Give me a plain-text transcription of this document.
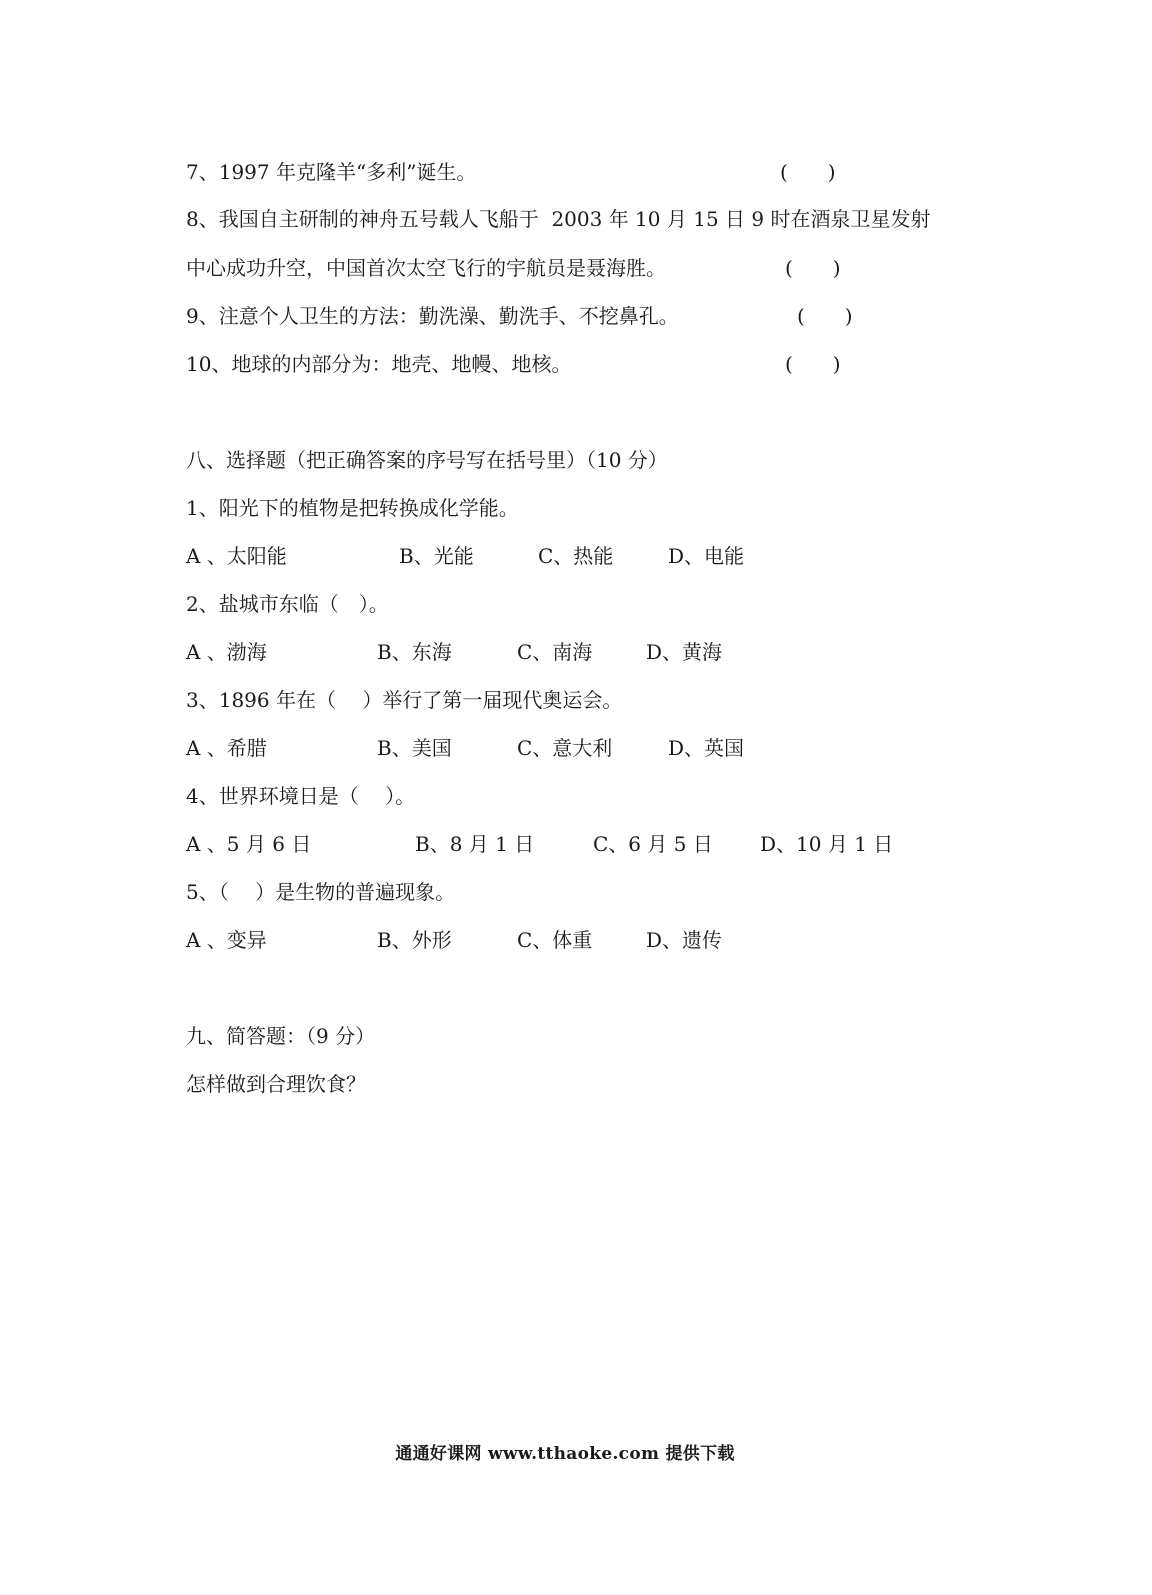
7、1997 年克隆羊“多利”诞生。	(　　)

8、我国自主研制的神舟五号载人飞船于  2003 年 10 月 15 日 9 时在酒泉卫星发射

中心成功升空，中国首次太空飞行的宇航员是聂海胜。	(　　)

9、注意个人卫生的方法：勤洗澡、勤洗手、不挖鼻孔。	(　　)

10、地球的内部分为：地壳、地幔、地核。	(　　)
八、选择题（把正确答案的序号写在括号里）（10 分）

1、阳光下的植物是把转换成化学能。

A 、太阳能	B、光能	C、热能	D、电能

2、盐城市东临（　）。

A 、渤海	B、东海	C、南海	D、黄海

3、1896 年在（　 ）举行了第一届现代奥运会。

A 、希腊	B、美国	C、意大利	D、英国

4、世界环境日是（　 ）。

A 、5 月 6 日	B、8 月 1 日	C、6 月 5 日 D、10 月 1 日

5、（　 ）是生物的普遍现象。

A 、变异	B、外形	C、体重	D、遗传
九、简答题：（9 分）

怎样做到合理饮食？

通通好课网 www.tthaoke.com 提供下载
